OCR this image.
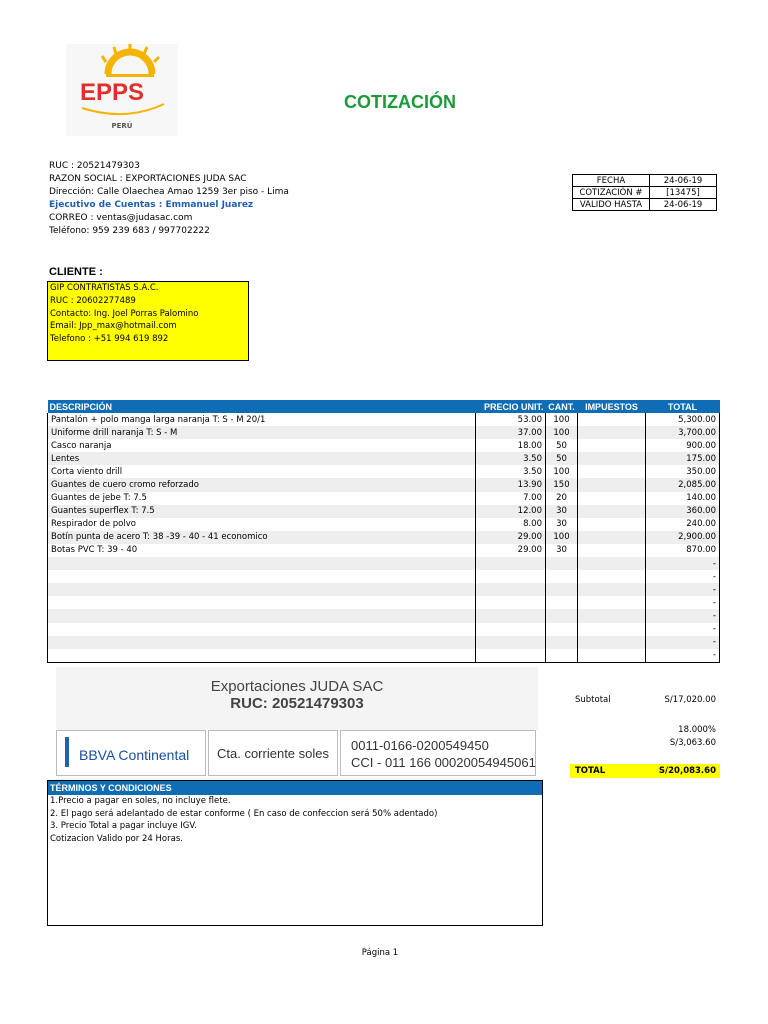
EPPS
PERÚ
COTIZACIÓN
RUC : 20521479303
RAZON SOCIAL : EXPORTACIONES JUDA SAC
Dirección: Calle Olaechea Amao 1259 3er piso - Lima
Ejecutivo de Cuentas : Emmanuel Juarez
CORREO : ventas@judasac.com
Teléfono: 959 239 683 / 997702222
FECHA	24-06-19
COTIZACIÓN #	[13475]
VALIDO HASTA	24-06-19
CLIENTE :
GIP CONTRATISTAS S.A.C.
RUC : 20602277489
Contacto: Ing. Joel Porras Palomino
Email: Jpp_max@hotmail.com
Telefono : +51 994 619 892
DESCRIPCIÓN	PRECIO UNIT.	CANT.	IMPUESTOS	TOTAL
Pantalón + polo manga larga naranja T: S - M 20/1	53.00	100		5,300.00
Uniforme drill naranja T: S - M	37.00	100		3,700.00
Casco naranja	18.00	50		900.00
Lentes	3.50	50		175.00
Corta viento drill	3.50	100		350.00
Guantes de cuero cromo reforzado	13.90	150		2,085.00
Guantes de jebe T: 7.5	7.00	20		140.00
Guantes superflex T: 7.5	12.00	30		360.00
Respirador de polvo	8.00	30		240.00
Botín punta de acero T: 38 -39 - 40 - 41 economico	29.00	100		2,900.00
Botas PVC T: 39 - 40	29.00	30		870.00
				-
				-
				-
				-
				-
				-
				-
				-
Exportaciones JUDA SAC
RUC: 20521479303
BBVA Continental	Cta. corriente soles
0011-0166-0200549450
CCI - 011 166 00020054945061
Subtotal	S/17,020.00
18.000%
S/3,063.60
TOTAL	S/20,083.60
TÉRMINOS Y CONDICIONES
1.Precio a pagar en soles, no incluye flete.
2. El pago será adelantado de estar conforme ( En caso de confeccion será 50% adentado)
3. Precio Total a pagar incluye IGV.
Cotizacion Valido por 24 Horas.
Página 1
